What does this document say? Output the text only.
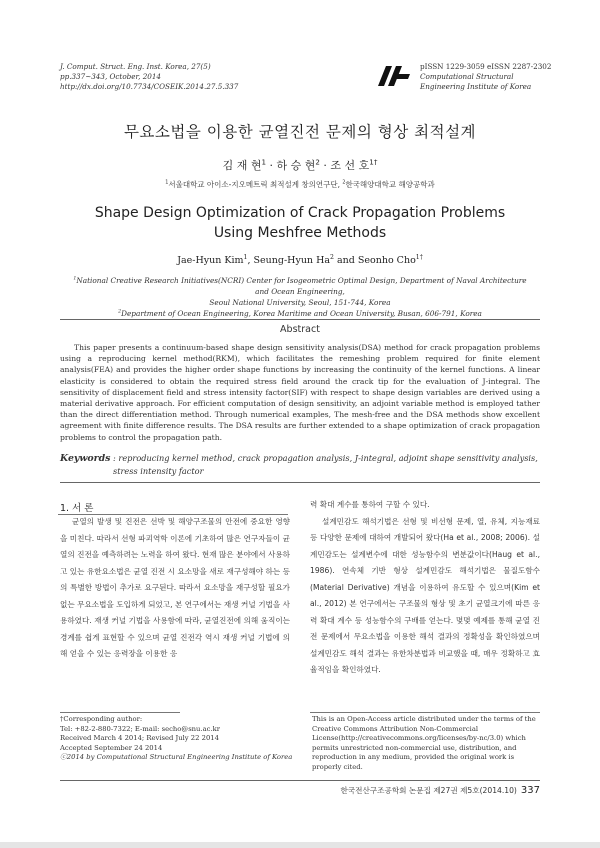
J. Comput. Struct. Eng. Inst. Korea, 27(5)
pp.337~343, October, 2014
http://dx.doi.org/10.7734/COSEIK.2014.27.5.337
pISSN 1229-3059 eISSN 2287-2302
Computational Structural
Engineering Institute of Korea
무요소법을 이용한 균열진전 문제의 형상 최적설계
김 재 현$^1$ · 하 승 현$^2$ · 조 선 호$^{1\dagger}$
$^1$서울대학교 아이소-지오메트릭 최적설계 창의연구단, $^2$한국해양대학교 해양공학과
Shape Design Optimization of Crack Propagation Problems
Using Meshfree Methods
Jae-Hyun Kim$^1$, Seung-Hyun Ha$^2$ and Seonho Cho$^{1\dagger}$
$^1$National Creative Research Initiatives(NCRI) Center for Isogeometric Optimal Design, Department of Naval Architecture and Ocean Engineering,
Seoul National University, Seoul, 151-744, Korea
$^2$Department of Ocean Engineering, Korea Maritime and Ocean University, Busan, 606-791, Korea
Abstract
This paper presents a continuum-based shape design sensitivity analysis(DSA) method for crack propagation problems using a reproducing kernel method(RKM), which facilitates the remeshing problem required for finite element analysis(FEA) and provides the higher order shape functions by increasing the continuity of the kernel functions. A linear elasticity is considered to obtain the required stress field around the crack tip for the evaluation of J-integral. The sensitivity of displacement field and stress intensity factor(SIF) with respect to shape design variables are derived using a material derivative approach. For efficient computation of design sensitivity, an adjoint variable method is employed tather than the direct differentiation method. Through numerical examples, The mesh-free and the DSA methods show excellent agreement with finite difference results. The DSA results are further extended to a shape optimization of crack propagation problems to control the propagation path.
Keywords : reproducing kernel method, crack propagation analysis, J-integral, adjoint shape sensitivity analysis,
stress intensity factor
1. 서 론

균열의 발생 및 진전은 선박 및 해양구조물의 안전에 중요한 영향을 미친다. 따라서 선형 파괴역학 이론에 기초하여 많은 연구자들이 균열의 진전을 예측하려는 노력을 하여 왔다. 현재 많은 분야에서 사용하고 있는 유한요소법은 균열 진전 시 요소망을 새로 재구성해야 하는 등의 특별한 방법이 추가로 요구된다. 따라서 요소망을 재구성할 필요가 없는 무요소법을 도입하게 되었고, 본 연구에서는 재생 커널 기법을 사용하였다. 재생 커널 기법을 사용함에 따라, 균열진전에 의해 움직이는 경계를 쉽게 표현할 수 있으며 균열 진전각 역시 재생 커널 기법에 의해 얻을 수 있는 응력장을 이용한 응

력 확대 계수를 통하여 구할 수 있다.

설계민감도 해석기법은 선형 및 비선형 문제, 열, 유체, 지능재료 등 다양한 문제에 대하여 개발되어 왔다(Ha et al., 2008; 2006). 설계민감도는 설계변수에 대한 성능함수의 변분값이다(Haug et al., 1986). 연속체 기반 형상 설계민감도 해석기법은 물질도함수(Material Derivative) 개념을 이용하여 유도할 수 있으며(Kim et al., 2012) 본 연구에서는 구조물의 형상 및 초기 균열크기에 따른 응력 확대 계수 등 성능함수의 구배를 얻는다. 몇몇 예제를 통해 균열 진전 문제에서 무요소법을 이용한 해석 결과의 정확성을 확인하였으며 설계민감도 해석 결과는 유한차분법과 비교했을 때, 매우 정확하고 효율적임을 확인하였다.

†Corresponding author:
Tel: +82-2-880-7322; E-mail: secho@snu.ac.kr
Received March 4 2014; Revised July 22 2014
Accepted September 24 2014
ⓒ2014 by Computational Structural Engineering Institute of Korea
This is an Open-Access article distributed under the terms of the Creative Commons Attribution Non-Commercial License(http://creativecommons.org/licenses/by-nc/3.0) which permits unrestricted non-commercial use, distribution, and reproduction in any medium, provided the original work is properly cited.
한국전산구조공학회 논문집 제27권 제5호(2014.10) 337
